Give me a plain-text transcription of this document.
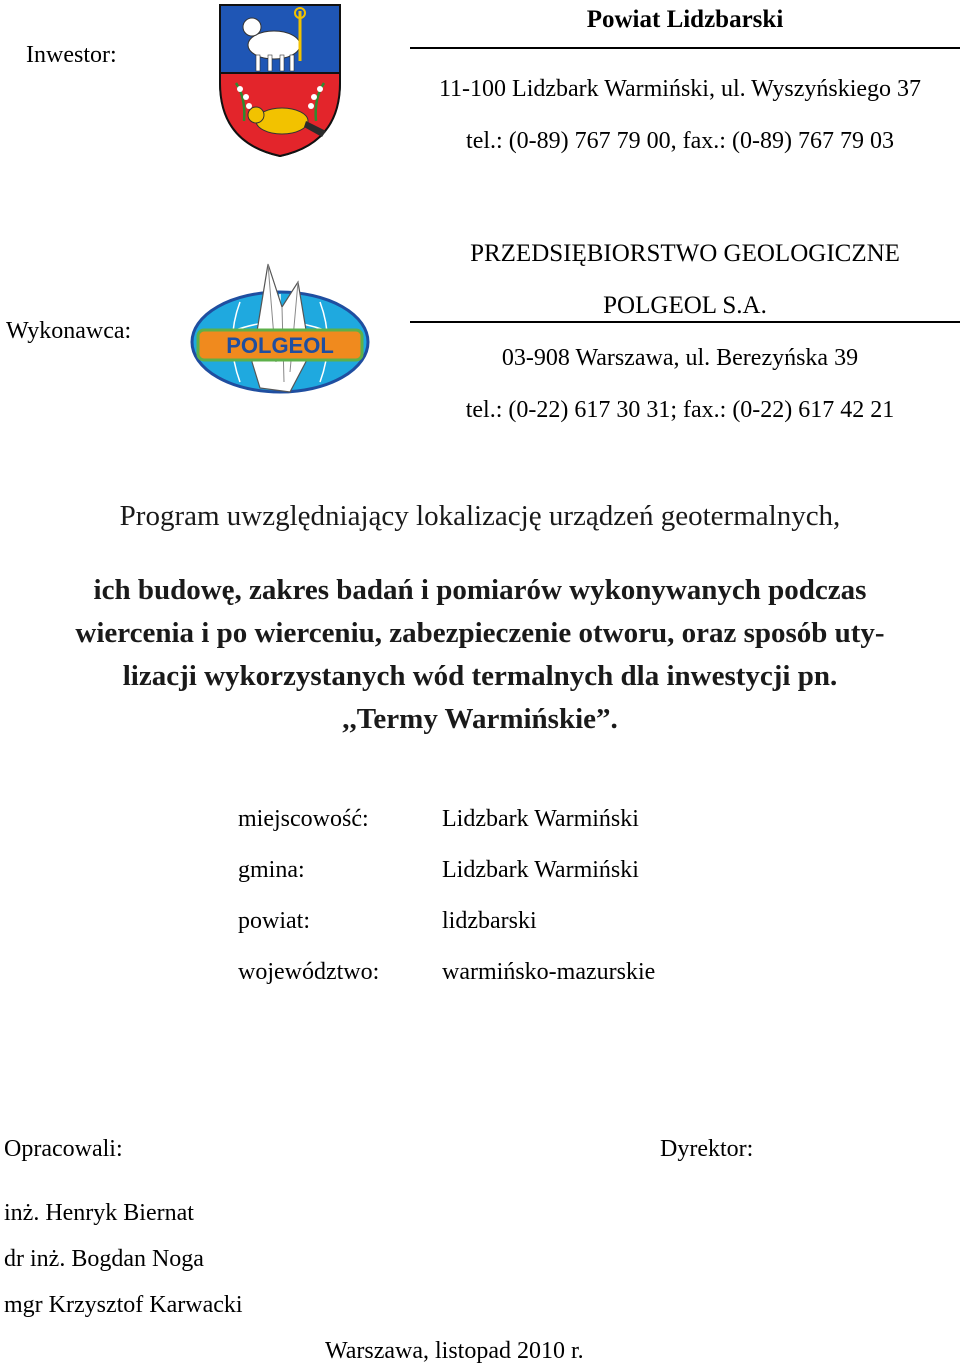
Inwestor:
Powiat Lidzbarski
11-100 Lidzbark Warmiński, ul. Wyszyńskiego 37
tel.: (0-89) 767 79 00, fax.: (0-89) 767 79 03
Wykonawca:
POLGEOL
PRZEDSIĘBIORSTWO GEOLOGICZNE
POLGEOL S.A.
03-908 Warszawa, ul. Berezyńska 39
tel.: (0-22) 617 30 31; fax.: (0-22) 617 42 21
Program uwzględniający lokalizację urządzeń geotermalnych,
ich budowę, zakres badań i pomiarów wykonywanych podczas
wiercenia i po wierceniu, zabezpieczenie otworu, oraz sposób uty-
lizacji wykorzystanych wód termalnych dla inwestycji pn.
,,Termy Warmińskie”.
miejscowość:	Lidzbark Warmiński
gmina:	Lidzbark Warmiński
powiat:	lidzbarski
województwo:	warmińsko-mazurskie
Opracowali:	Dyrektor:
inż. Henryk Biernat
dr inż. Bogdan Noga
mgr Krzysztof Karwacki
Warszawa, listopad 2010 r.
